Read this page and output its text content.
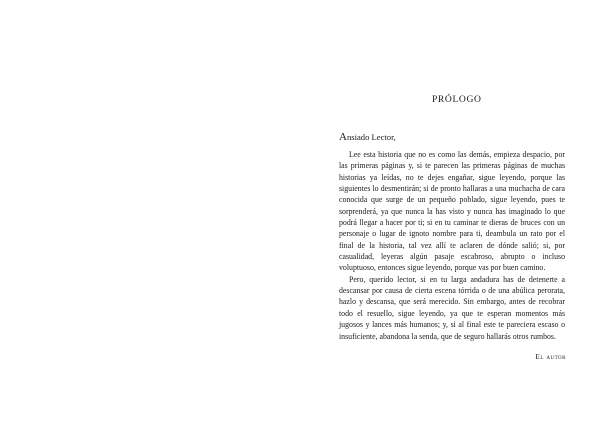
PRÓLOGO

Ansiado Lector,

Lee esta historia que no es como las demás, empieza despacio, por las primeras páginas y, si te parecen las primeras páginas de muchas historias ya leídas, no te dejes engañar, sigue leyendo, porque las siguientes lo desmentirán; si de pronto hallaras a una muchacha de cara conocida que surge de un pequeño poblado, sigue leyendo, pues te sorprenderá, ya que nunca la has visto y nunca has imaginado lo que podrá llegar a hacer por ti; si en tu caminar te dieras de bruces con un personaje o lugar de ignoto nombre para ti, deambula un rato por el final de la historia, tal vez allí te aclaren de dónde salió; si, por casualidad, leyeras algún pasaje escabroso, abrupto o incluso voluptuoso, entonces sigue leyendo, porque vas por buen camino.

Pero, querido lector, si en tu larga andadura has de detenerte a descansar por causa de cierta escena tórrida o de una abúlica perorata, hazlo y descansa, que será merecido. Sin embargo, antes de recobrar todo el resuello, sigue leyendo, ya que te esperan momentos más jugosos y lances más humanos; y, si al final este te pareciera escaso o insuficiente, abandona la senda, que de seguro hallarás otros rumbos.

El autor
